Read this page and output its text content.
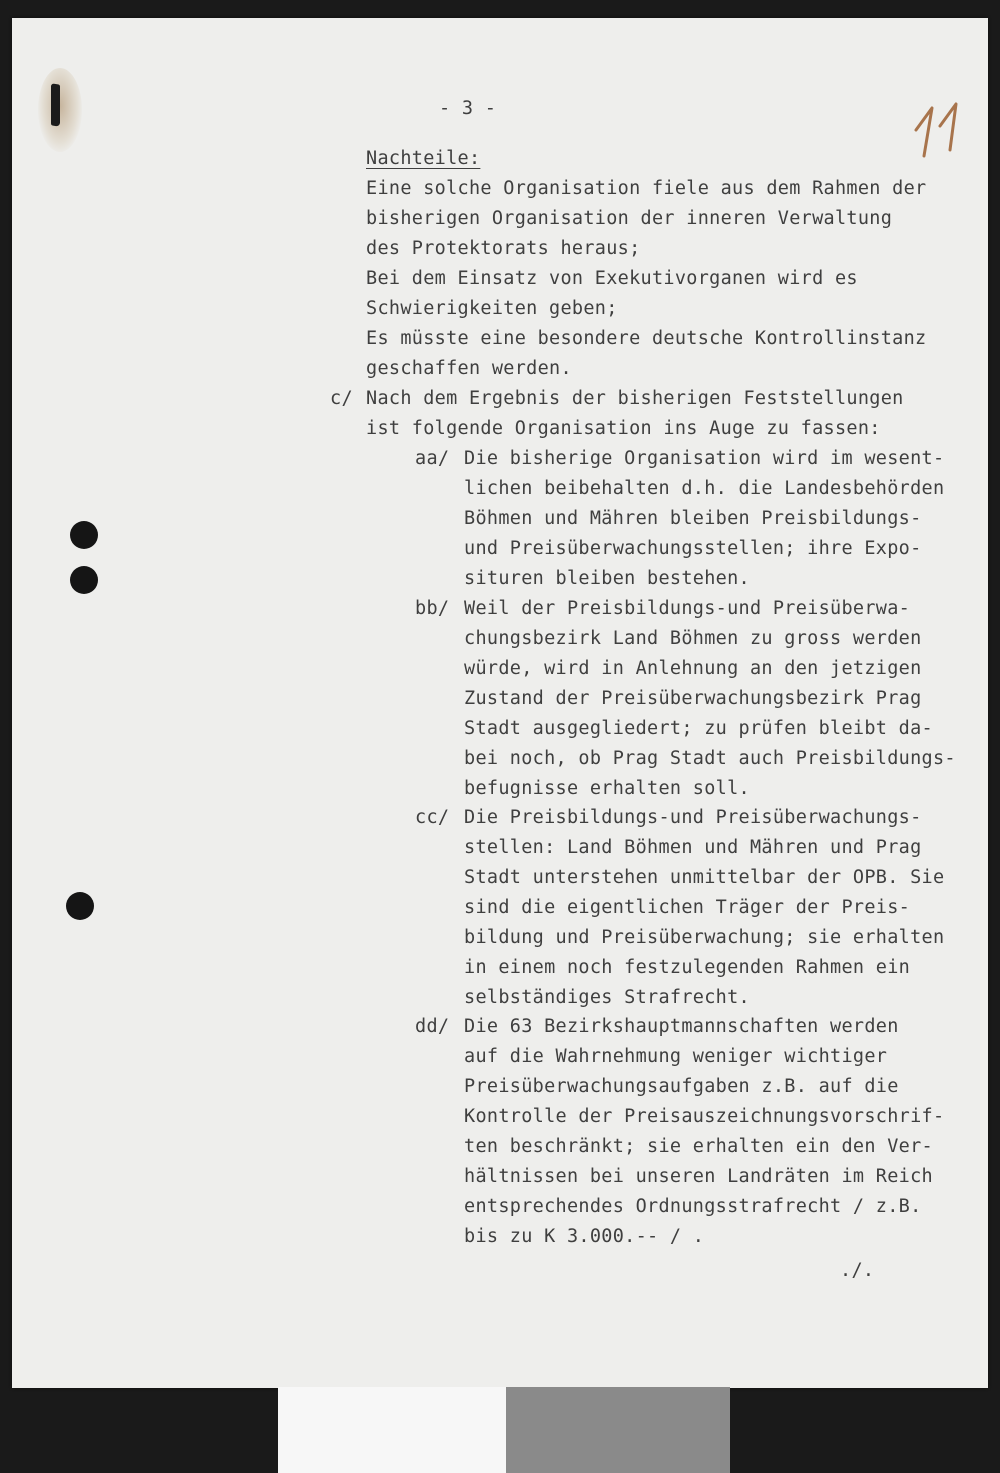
- 3 -
Nachteile:
Eine solche Organisation fiele aus dem Rahmen der
bisherigen Organisation der inneren Verwaltung
des Protektorats heraus;
Bei dem Einsatz von Exekutivorganen wird es
Schwierigkeiten geben;
Es müsste eine besondere deutsche Kontrollinstanz
geschaffen werden.
c/ Nach dem Ergebnis der bisherigen Feststellungen
ist folgende Organisation ins Auge zu fassen:
aa/ Die bisherige Organisation wird im wesent-
lichen beibehalten d.h. die Landesbehörden
Böhmen und Mähren bleiben Preisbildungs-
und Preisüberwachungsstellen; ihre Expo-
situren bleiben bestehen.
bb/ Weil der Preisbildungs-und Preisüberwa-
chungsbezirk Land Böhmen zu gross werden
würde, wird in Anlehnung an den jetzigen
Zustand der Preisüberwachungsbezirk Prag
Stadt ausgegliedert; zu prüfen bleibt da-
bei noch, ob Prag Stadt auch Preisbildungs-
befugnisse erhalten soll.
cc/ Die Preisbildungs-und Preisüberwachungs-
stellen: Land Böhmen und Mähren und Prag
Stadt unterstehen unmittelbar der OPB. Sie
sind die eigentlichen Träger der Preis-
bildung und Preisüberwachung; sie erhalten
in einem noch festzulegenden Rahmen ein
selbständiges Strafrecht.
dd/ Die 63 Bezirkshauptmannschaften werden
auf die Wahrnehmung weniger wichtiger
Preisüberwachungsaufgaben z.B. auf die
Kontrolle der Preisauszeichnungsvorschrif-
ten beschränkt; sie erhalten ein den Ver-
hältnissen bei unseren Landräten im Reich
entsprechendes Ordnungsstrafrecht / z.B.
bis zu K 3.000.-- / .
./.
